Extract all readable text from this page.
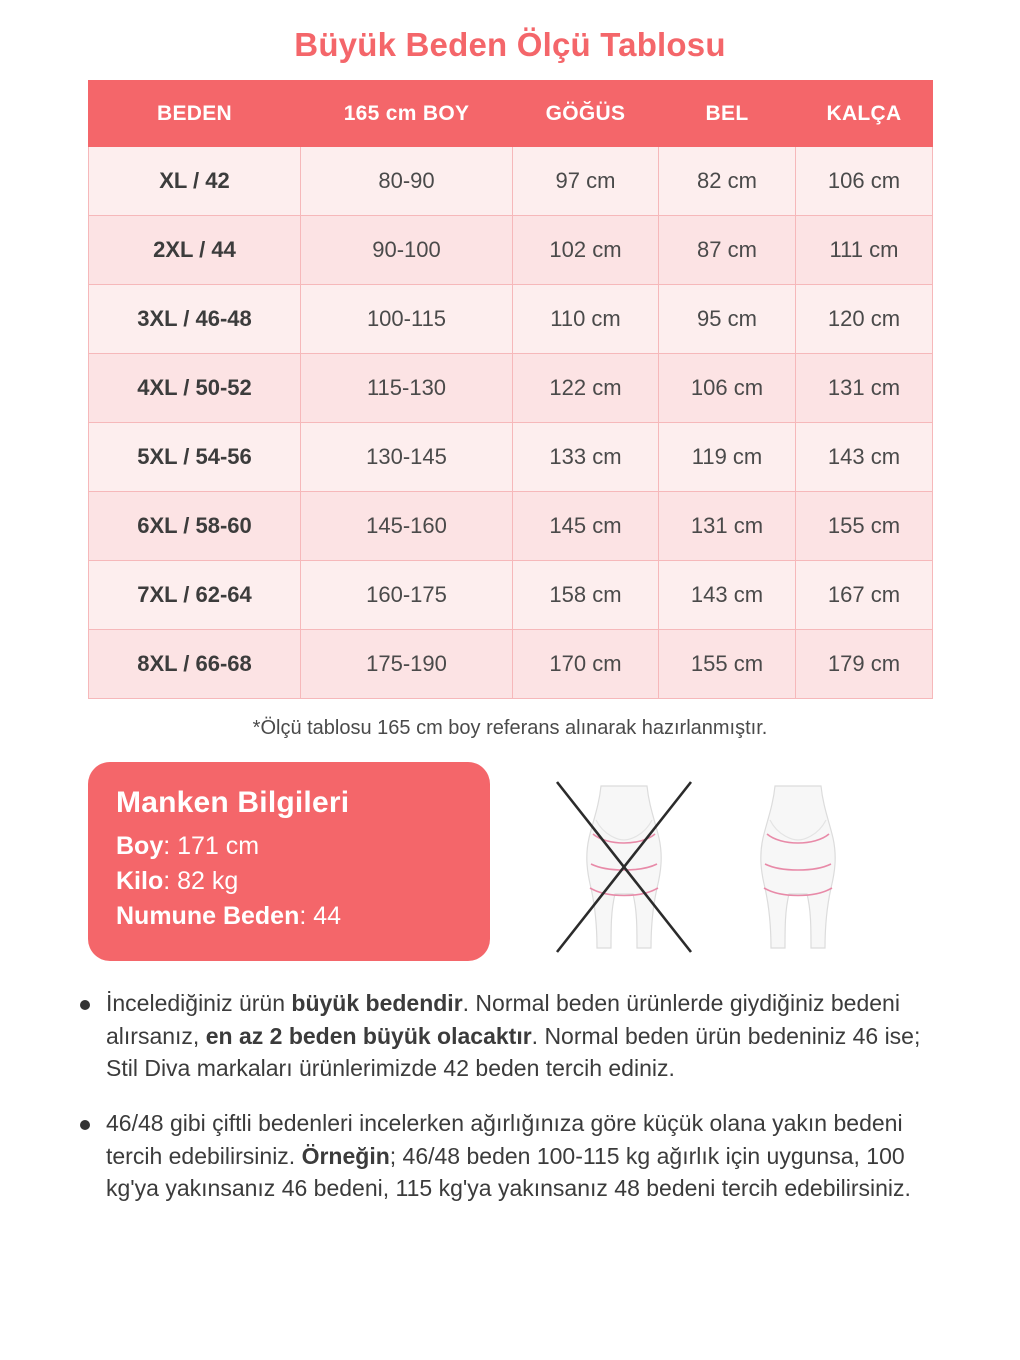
Büyük Beden Ölçü Tablosu
BEDEN	165 cm BOY	GÖĞÜS	BEL	KALÇA
XL / 42	80-90	97 cm	82 cm	106 cm
2XL / 44	90-100	102 cm	87 cm	111 cm
3XL / 46-48	100-115	110 cm	95 cm	120 cm
4XL / 50-52	115-130	122 cm	106 cm	131 cm
5XL / 54-56	130-145	133 cm	119 cm	143 cm
6XL / 58-60	145-160	145 cm	131 cm	155 cm
7XL / 62-64	160-175	158 cm	143 cm	167 cm
8XL / 66-68	175-190	170 cm	155 cm	179 cm
*Ölçü tablosu 165 cm boy referans alınarak hazırlanmıştır.
Manken Bilgileri
Boy: 171 cm
Kilo: 82 kg
Numune Beden: 44

İncelediğiniz ürün büyük bedendir. Normal beden ürünlerde giydiğiniz bedeni alırsanız, en az 2 beden büyük olacaktır. Normal beden ürün bedeniniz 46 ise; Stil Diva markaları ürünlerimizde 42 beden tercih ediniz.

46/48 gibi çiftli bedenleri incelerken ağırlığınıza göre küçük olana yakın bedeni tercih edebilirsiniz. Örneğin; 46/48 beden 100-115 kg ağırlık için uygunsa, 100 kg'ya yakınsanız 46 bedeni, 115 kg'ya yakınsanız 48 bedeni tercih edebilirsiniz.
